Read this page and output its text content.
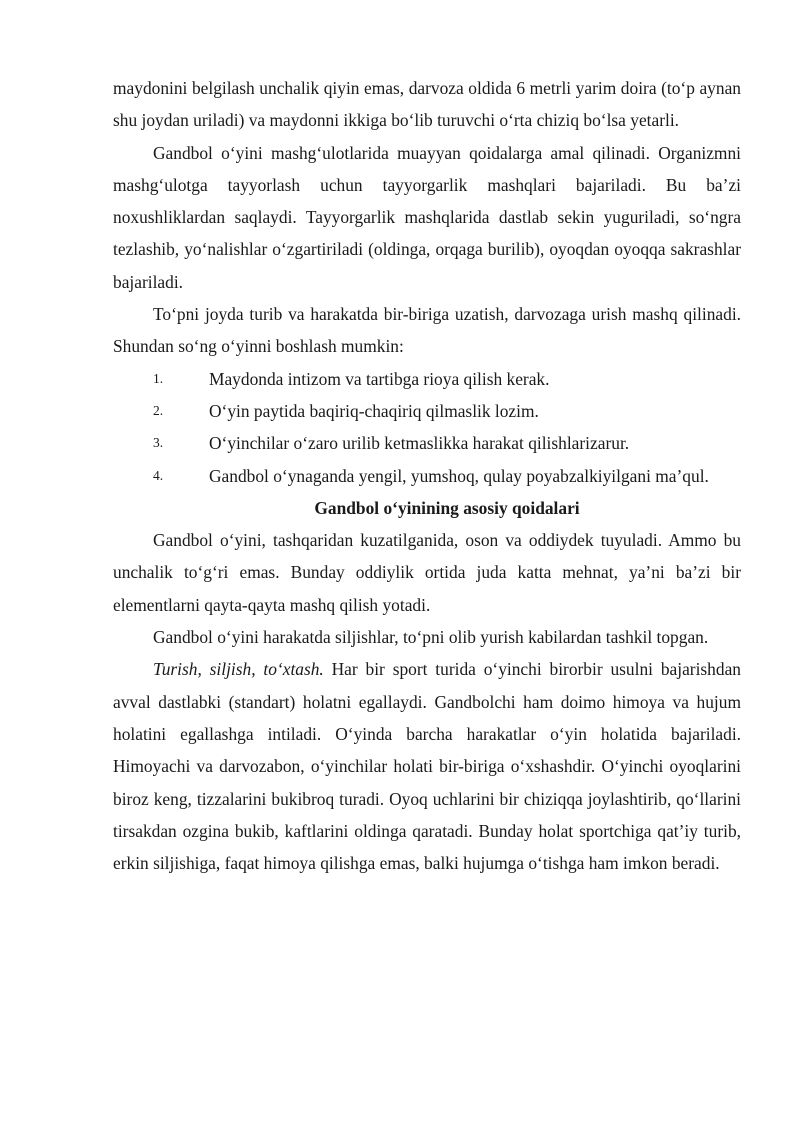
maydonini belgilash unchalik qiyin emas, darvoza oldida 6 metrli yarim doira (to‘p aynan shu joydan uriladi) va maydonni ikkiga bo‘lib turuvchi o‘rta chiziq bo‘lsa yetarli.

Gandbol o‘yini mashg‘ulotlarida muayyan qoidalarga amal qilinadi. Organizmni mashg‘ulotga tayyorlash uchun tayyorgarlik mashqlari bajariladi. Bu ba’zi noxushliklardan saqlaydi. Tayyorgarlik mashqlarida dastlab sekin yuguriladi, so‘ngra tezlashib, yo‘nalishlar o‘zgartiriladi (oldinga, orqaga burilib), oyoqdan oyoqqa sakrashlar bajariladi.

To‘pni joyda turib va harakatda bir-biriga uzatish, darvozaga urish mashq qilinadi. Shundan so‘ng o‘yinni boshlash mumkin:

1.	Maydonda intizom va tartibga rioya qilish kerak.
2.	O‘yin paytida baqiriq-chaqiriq qilmaslik lozim.
3.	O‘yinchilar o‘zaro urilib ketmaslikka harakat qilishlarizarur.
4.	Gandbol o‘ynaganda yengil, yumshoq, qulay poyabzalkiyilgani ma’qul.

Gandbol o‘yinining asosiy qoidalari

Gandbol o‘yini, tashqaridan kuzatilganida, oson va oddiydek tuyuladi. Ammo bu unchalik to‘g‘ri emas. Bunday oddiylik ortida juda katta mehnat, ya’ni ba’zi bir elementlarni qayta-qayta mashq qilish yotadi.

Gandbol o‘yini harakatda siljishlar, to‘pni olib yurish kabilardan tashkil topgan.

Turish, siljish, to‘xtash. Har bir sport turida o‘yinchi birorbir usulni bajarishdan avval dastlabki (standart) holatni egallaydi. Gandbolchi ham doimo himoya va hujum holatini egallashga intiladi. O‘yinda barcha harakatlar o‘yin holatida bajariladi. Himoyachi va darvozabon, o‘yinchilar holati bir-biriga o‘xshashdir. O‘yinchi oyoqlarini biroz keng, tizzalarini bukibroq turadi. Oyoq uchlarini bir chiziqqa joylashtirib, qo‘llarini tirsakdan ozgina bukib, kaftlarini oldinga qaratadi. Bunday holat sportchiga qat’iy turib, erkin siljishiga, faqat himoya qilishga emas, balki hujumga o‘tishga ham imkon beradi.
